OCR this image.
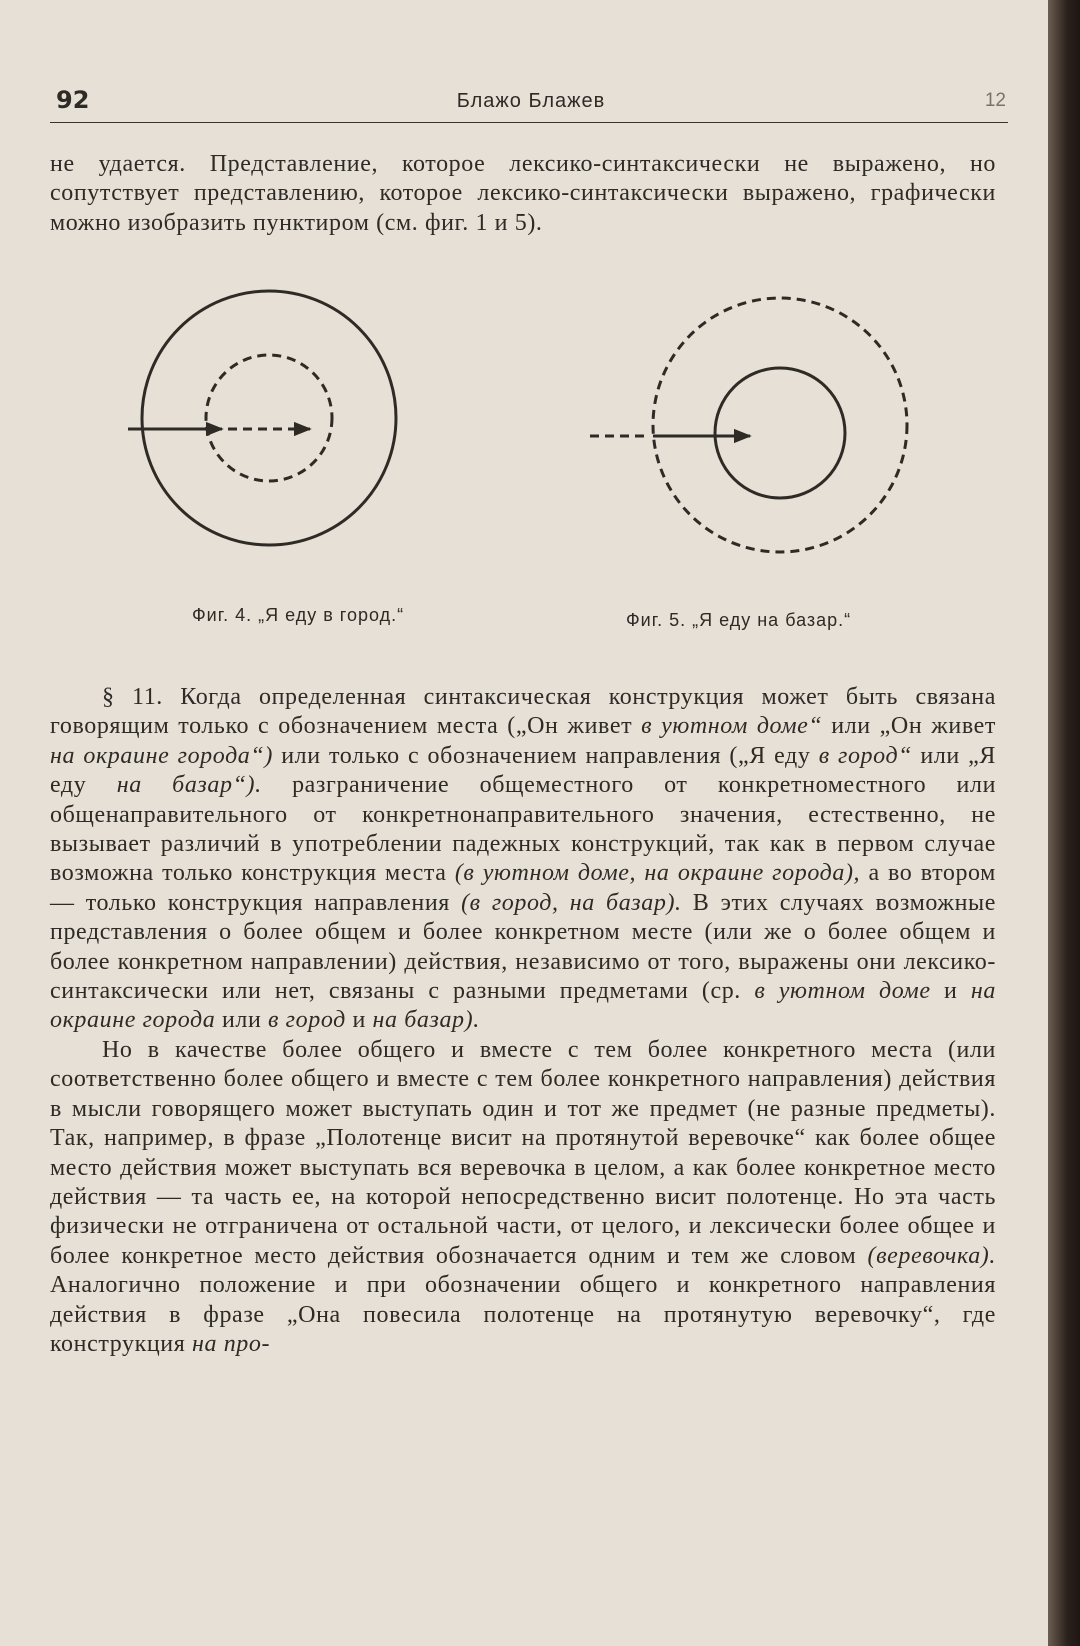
92	Блажо Блажев	12

не удается. Представление, которое лексико-синтаксически не выражено, но сопутствует представлению, которое лексико-синтаксически выражено, графически можно изобразить пунктиром (см. фиг. 1 и 5).

Фиг. 4. „Я еду в город.“	Фиг. 5. „Я еду на базар.“

§ 11. Когда определенная синтаксическая конструкция может быть связана говорящим только с обозначением места („Он живет в уютном доме“ или „Он живет на окраине города“) или только с обозначением направления („Я еду в город“ или „Я еду на базар“). разграничение общеместного от конкретноместного или общенаправительного от конкретнонаправительного значения, естественно, не вызывает различий в употреблении падежных конструкций, так как в первом случае возможна только конструкция места (в уютном доме, на окраине города), а во втором — только конструкция направления (в город, на базар). В этих случаях возможные представления о более общем и более конкретном месте (или же о более общем и более конкретном направлении) действия, независимо от того, выражены они лексико-синтаксически или нет, связаны с разными предметами (ср. в уютном доме и на окраине города или в город и на базар).

Но в качестве более общего и вместе с тем более конкретного места (или соответственно более общего и вместе с тем более конкретного направления) действия в мысли говорящего может выступать один и тот же предмет (не разные предметы). Так, например, в фразе „Полотенце висит на протянутой веревочке“ как более общее место действия может выступать вся веревочка в целом, а как более конкретное место действия — та часть ее, на которой непосредственно висит полотенце. Но эта часть физически не отграничена от остальной части, от целого, и лексически более общее и более конкретное место действия обозначается одним и тем же словом (веревочка). Аналогично положение и при обозначении общего и конкретного направления действия в фразе „Она повесила полотенце на протянутую веревочку“, где конструкция на про-
